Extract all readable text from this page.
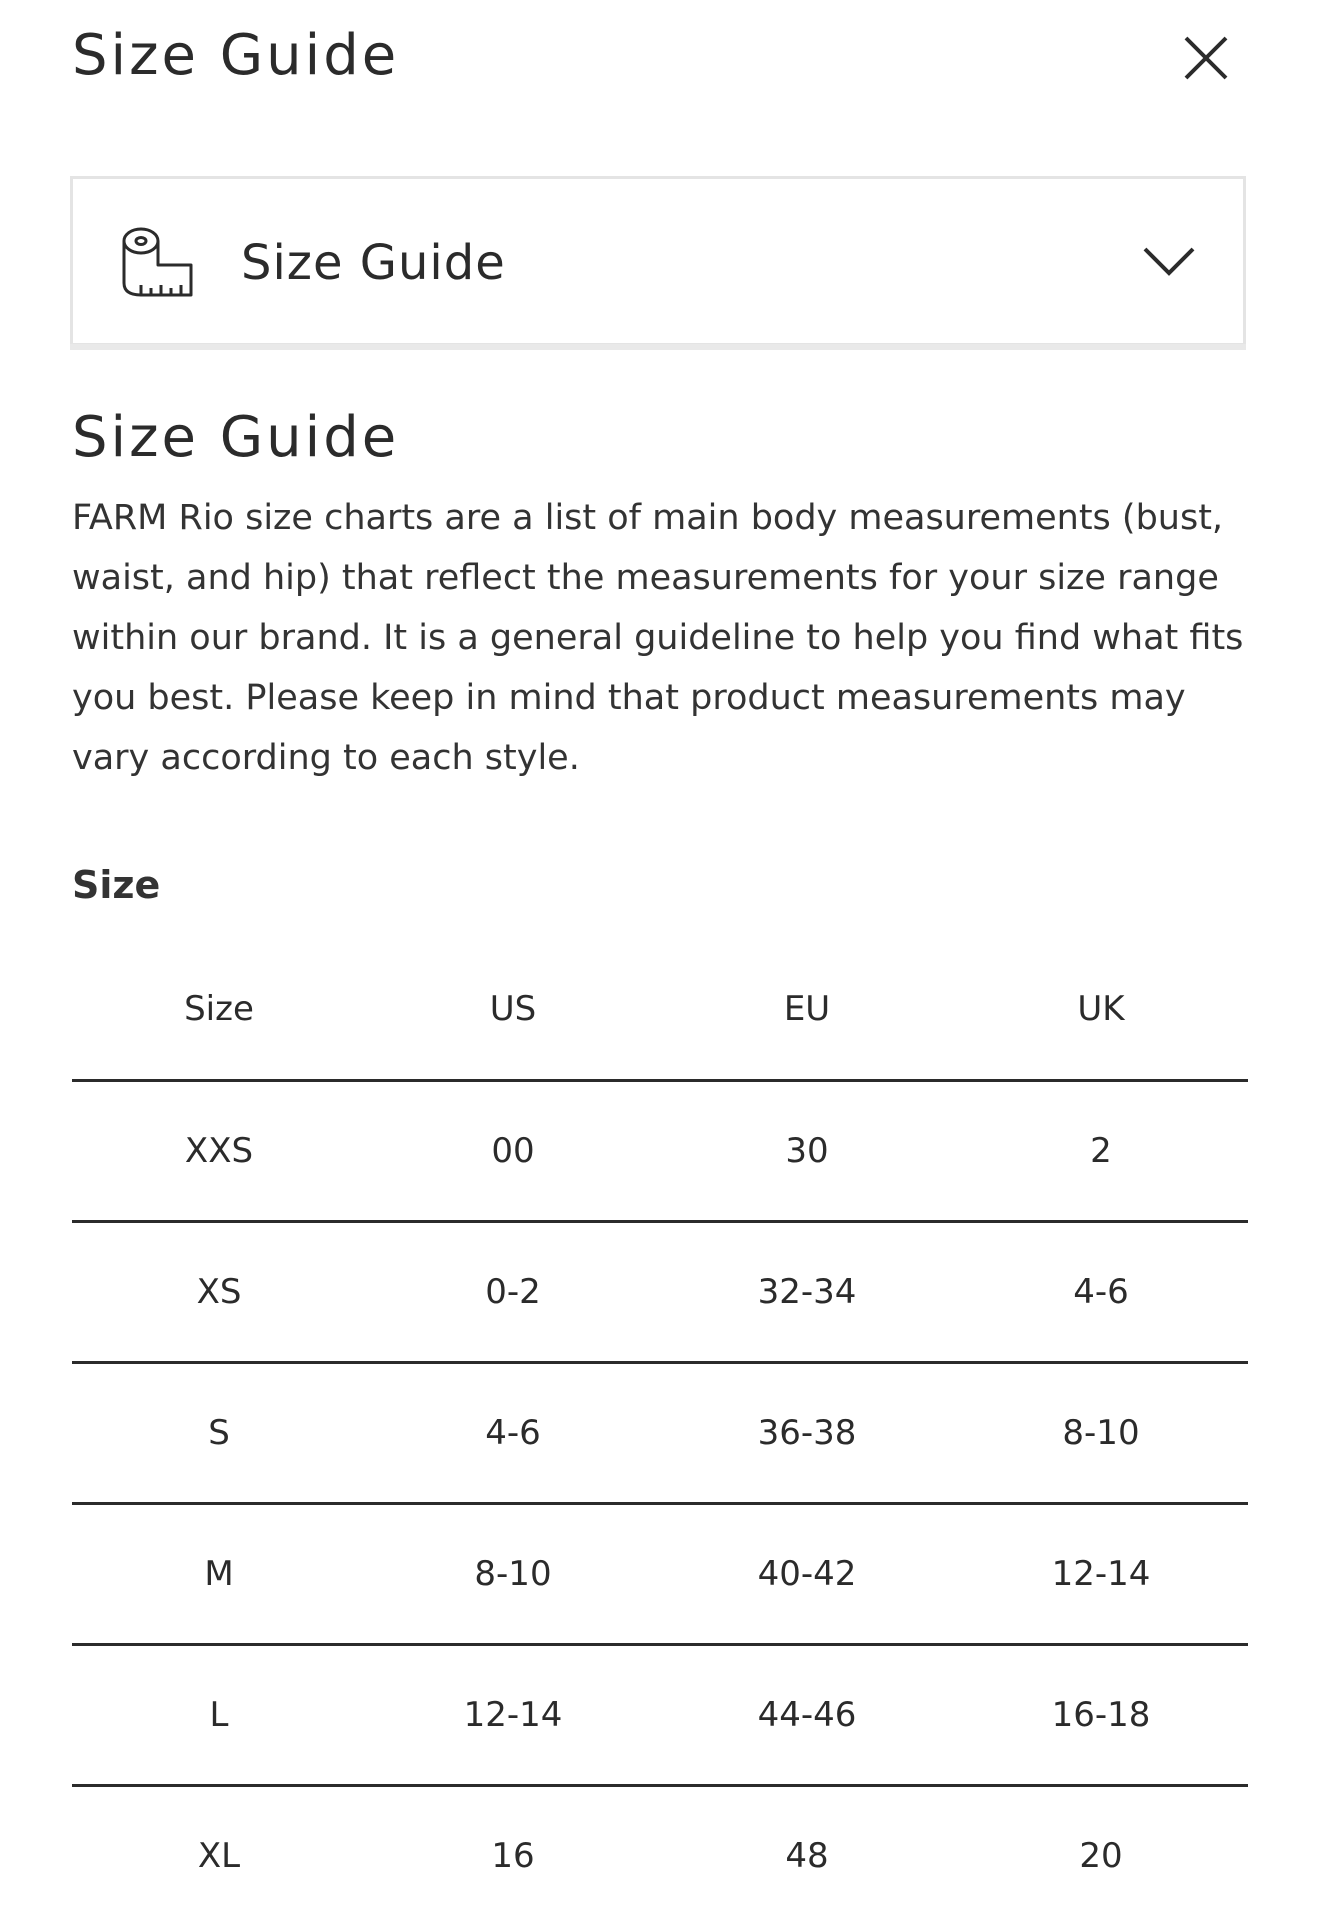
Size Guide
Size Guide
Size Guide

FARM Rio size charts are a list of main body measurements (bust, waist, and hip) that reflect the measurements for your size range within our brand. It is a general guideline to help you find what fits you best. Please keep in mind that product measurements may vary according to each style.

Size
Size	US	EU	UK
XXS	00	30	2
XS	0-2	32-34	4-6
S	4-6	36-38	8-10
M	8-10	40-42	12-14
L	12-14	44-46	16-18
XL	16	48	20
